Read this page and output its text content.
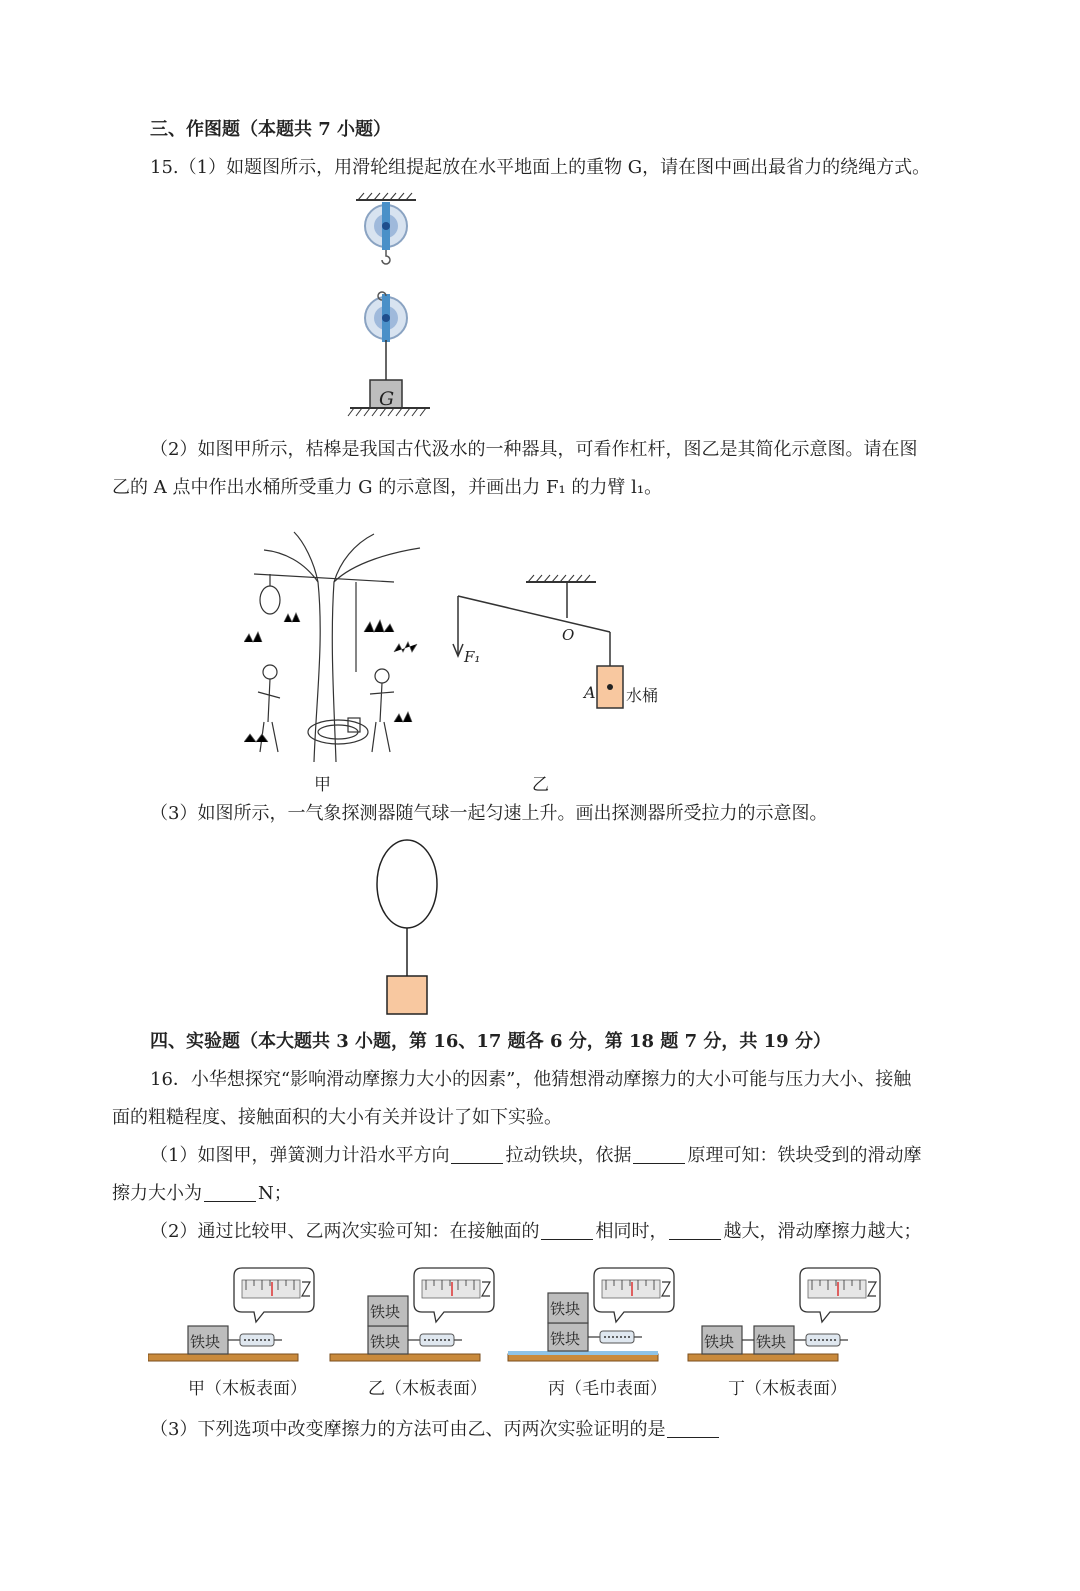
三、作图题（本题共 7 小题）
15.（1）如题图所示，用滑轮组提起放在水平地面上的重物 G，请在图中画出最省力的绕绳方式。
G
（2）如图甲所示，桔槔是我国古代汲水的一种器具，可看作杠杆，图乙是其简化示意图。请在图
乙的 A 点中作出水桶所受重力 G 的示意图，并画出力 F₁ 的力臂 l₁。
甲
F₁
O
A 水桶
乙
（3）如图所示，一气象探测器随气球一起匀速上升。画出探测器所受拉力的示意图。
四、实验题（本大题共 3 小题，第 16、17 题各 6 分，第 18 题 7 分，共 19 分）
16．小华想探究“影响滑动摩擦力大小的因素”，他猜想滑动摩擦力的大小可能与压力大小、接触
面的粗糙程度、接触面积的大小有关并设计了如下实验。
（1）如图甲，弹簧测力计沿水平方向	拉动铁块，依据	原理可知：铁块受到的滑动摩
擦力大小为	N；
（2）通过比较甲、乙两次实验可知：在接触面的	相同时，	越大，滑动摩擦力越大；
铁块
铁块
铁块
铁块
铁块	铁块 铁块
甲（木板表面）	乙（木板表面）	丙（毛巾表面）	丁（木板表面）
（3）下列选项中改变摩擦力的方法可由乙、丙两次实验证明的是
